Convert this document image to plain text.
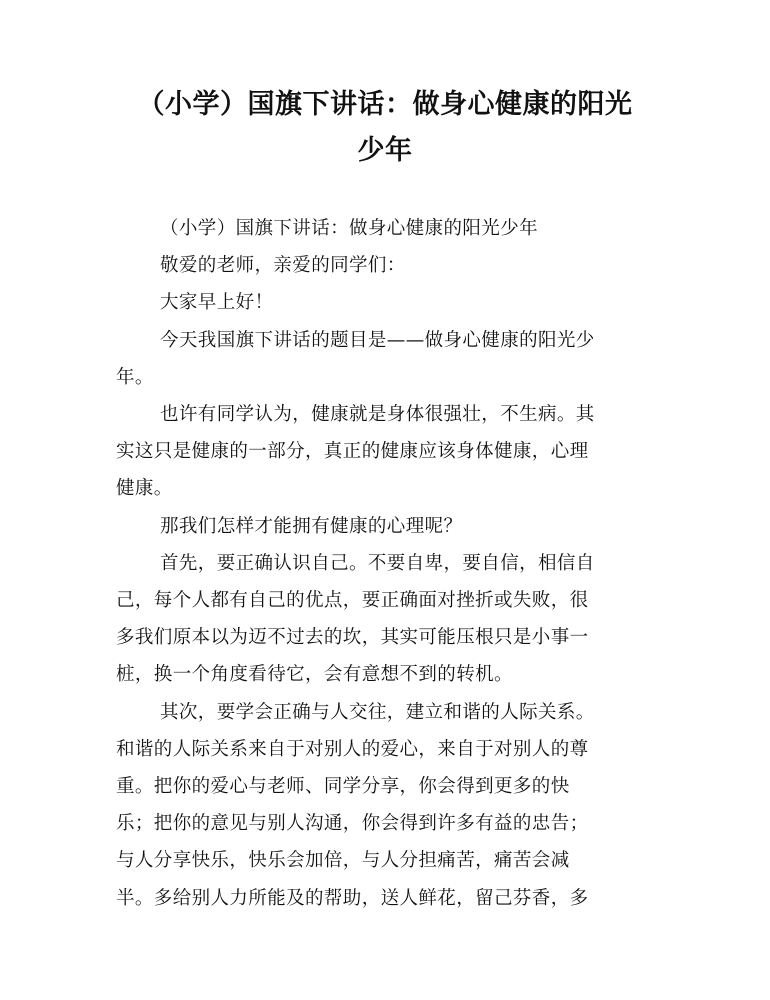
（小学）国旗下讲话：做身心健康的阳光
少年

（小学）国旗下讲话：做身心健康的阳光少年

敬爱的老师，亲爱的同学们：

大家早上好！

今天我国旗下讲话的题目是——做身心健康的阳光少
年。

也许有同学认为，健康就是身体很强壮，不生病。其
实这只是健康的一部分，真正的健康应该身体健康，心理
健康。

那我们怎样才能拥有健康的心理呢？

首先，要正确认识自己。不要自卑，要自信，相信自
己，每个人都有自己的优点，要正确面对挫折或失败，很
多我们原本以为迈不过去的坎，其实可能压根只是小事一
桩，换一个角度看待它，会有意想不到的转机。

其次，要学会正确与人交往，建立和谐的人际关系。
和谐的人际关系来自于对别人的爱心，来自于对别人的尊
重。把你的爱心与老师、同学分享，你会得到更多的快
乐；把你的意见与别人沟通，你会得到许多有益的忠告；
与人分享快乐，快乐会加倍，与人分担痛苦，痛苦会减
半。多给别人力所能及的帮助，送人鲜花，留己芬香，多
